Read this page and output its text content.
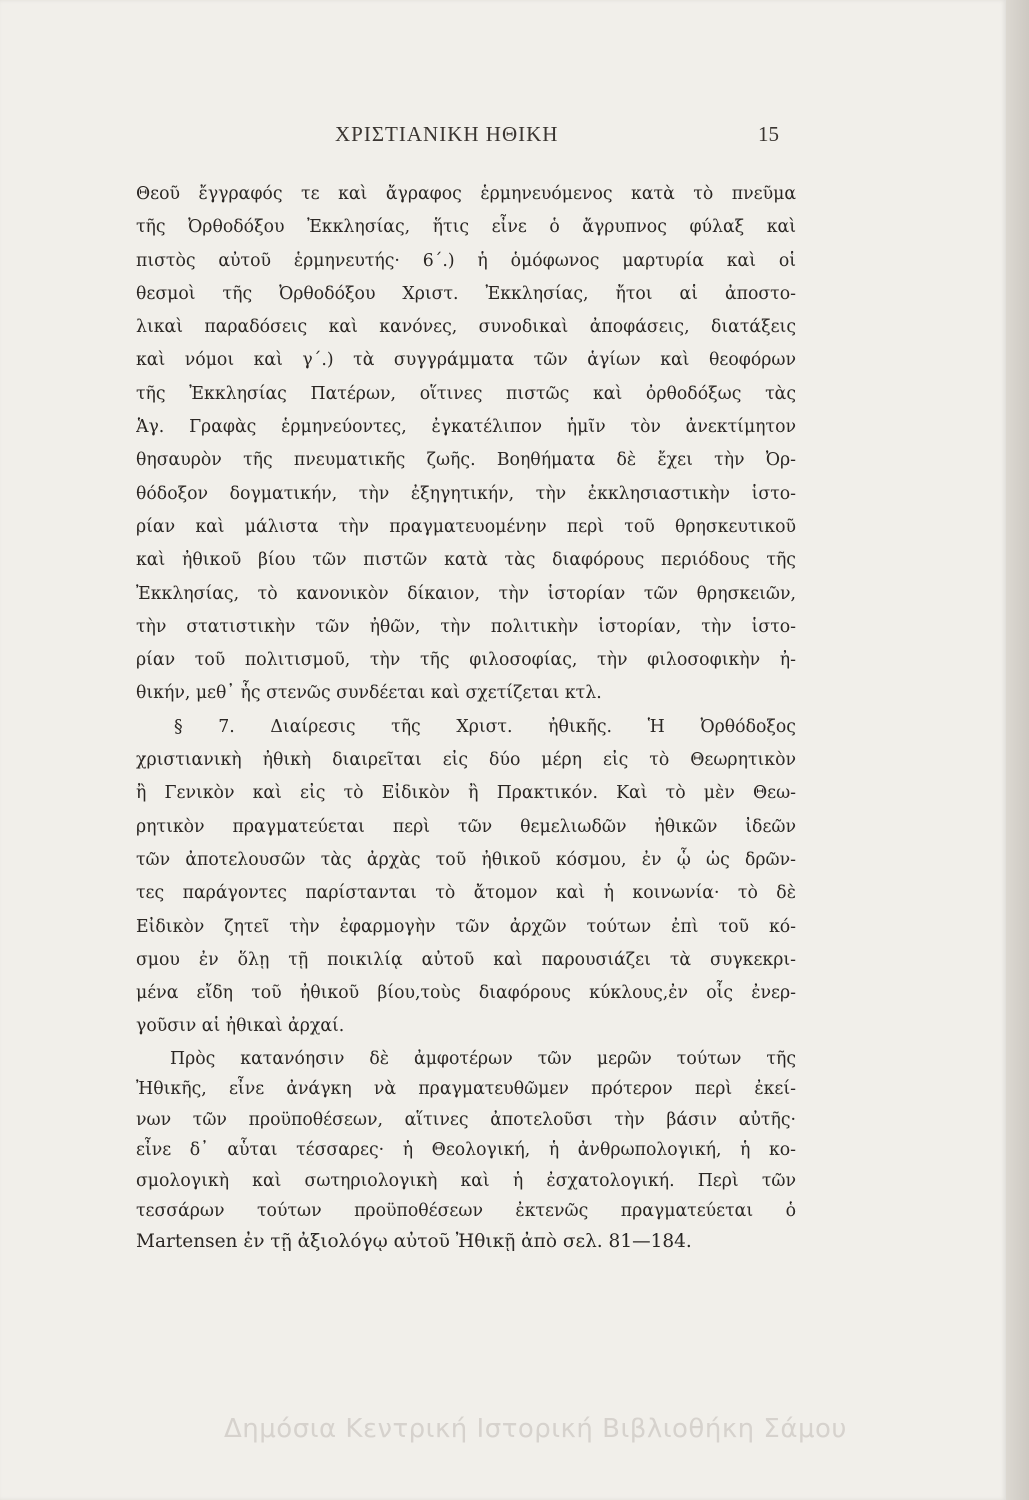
ΧΡΙΣΤΙΑΝΙΚΗ ΗΘΙΚΗ	15
Θεοῦ ἔγγραφός τε καὶ ἄγραφος ἑρμηνευόμενος κατὰ τὸ πνεῦμα
τῆς Ὀρθοδόξου Ἐκκλησίας, ἥτις εἶνε ὁ ἄγρυπνος φύλαξ καὶ
πιστὸς αὐτοῦ ἑρμηνευτής· 6΄.) ἡ ὁμόφωνος μαρτυρία καὶ οἱ
θεσμοὶ τῆς Ὀρθοδόξου Χριστ. Ἐκκλησίας, ἤτοι αἱ ἀποστο-
λικαὶ παραδόσεις καὶ κανόνες, συνοδικαὶ ἀποφάσεις, διατάξεις
καὶ νόμοι καὶ γ΄.) τὰ συγγράμματα τῶν ἁγίων καὶ θεοφόρων
τῆς Ἐκκλησίας Πατέρων, οἵτινες πιστῶς καὶ ὀρθοδόξως τὰς
Ἁγ. Γραφὰς ἑρμηνεύοντες, ἐγκατέλιπον ἡμῖν τὸν ἀνεκτίμητον
θησαυρὸν τῆς πνευματικῆς ζωῆς. Βοηθήματα δὲ ἔχει τὴν Ὀρ-
θόδοξον δογματικήν, τὴν ἐξηγητικήν, τὴν ἐκκλησιαστικὴν ἱστο-
ρίαν καὶ μάλιστα τὴν πραγματευομένην περὶ τοῦ θρησκευτικοῦ
καὶ ἠθικοῦ βίου τῶν πιστῶν κατὰ τὰς διαφόρους περιόδους τῆς
Ἐκκλησίας, τὸ κανονικὸν δίκαιον, τὴν ἱστορίαν τῶν θρησκειῶν,
τὴν στατιστικὴν τῶν ἠθῶν, τὴν πολιτικὴν ἱστορίαν, τὴν ἱστο-
ρίαν τοῦ πολιτισμοῦ, τὴν τῆς φιλοσοφίας, τὴν φιλοσοφικὴν ἠ-
θικήν, μεθ᾽ ἧς στενῶς συνδέεται καὶ σχετίζεται κτλ.
§ 7. Διαίρεσις τῆς Χριστ. ἠθικῆς. Ἡ Ὀρθόδοξος
χριστιανικὴ ἠθικὴ διαιρεῖται εἰς δύο μέρη εἰς τὸ Θεωρητικὸν
ἢ Γενικὸν καὶ εἰς τὸ Εἰδικὸν ἢ Πρακτικόν. Καὶ τὸ μὲν Θεω-
ρητικὸν πραγματεύεται περὶ τῶν θεμελιωδῶν ἠθικῶν ἰδεῶν
τῶν ἀποτελουσῶν τὰς ἀρχὰς τοῦ ἠθικοῦ κόσμου, ἐν ᾧ ὡς δρῶν-
τες παράγοντες παρίστανται τὸ ἄτομον καὶ ἡ κοινωνία· τὸ δὲ
Εἰδικὸν ζητεῖ τὴν ἐφαρμογὴν τῶν ἀρχῶν τούτων ἐπὶ τοῦ κό-
σμου ἐν ὅλῃ τῇ ποικιλίᾳ αὐτοῦ καὶ παρουσιάζει τὰ συγκεκρι-
μένα εἴδη τοῦ ἠθικοῦ βίου,τοὺς διαφόρους κύκλους,ἐν οἷς ἐνερ-
γοῦσιν αἱ ἠθικαὶ ἀρχαί.
Πρὸς κατανόησιν δὲ ἀμφοτέρων τῶν μερῶν τούτων τῆς
Ἠθικῆς, εἶνε ἀνάγκη νὰ πραγματευθῶμεν πρότερον περὶ ἐκεί-
νων τῶν προϋποθέσεων, αἵτινες ἀποτελοῦσι τὴν βάσιν αὐτῆς·
εἶνε δ᾽ αὗται τέσσαρες· ἡ Θεολογική, ἡ ἀνθρωπολογική, ἡ κο-
σμολογικὴ καὶ σωτηριολογικὴ καὶ ἡ ἐσχατολογική. Περὶ τῶν
τεσσάρων τούτων προϋποθέσεων ἐκτενῶς πραγματεύεται ὁ
Martensen ἐν τῇ ἀξιολόγῳ αὐτοῦ Ἠθικῇ ἀπὸ σελ. 81—184.
Δημόσια Κεντρική Ιστορική Βιβλιοθήκη Σάμου
